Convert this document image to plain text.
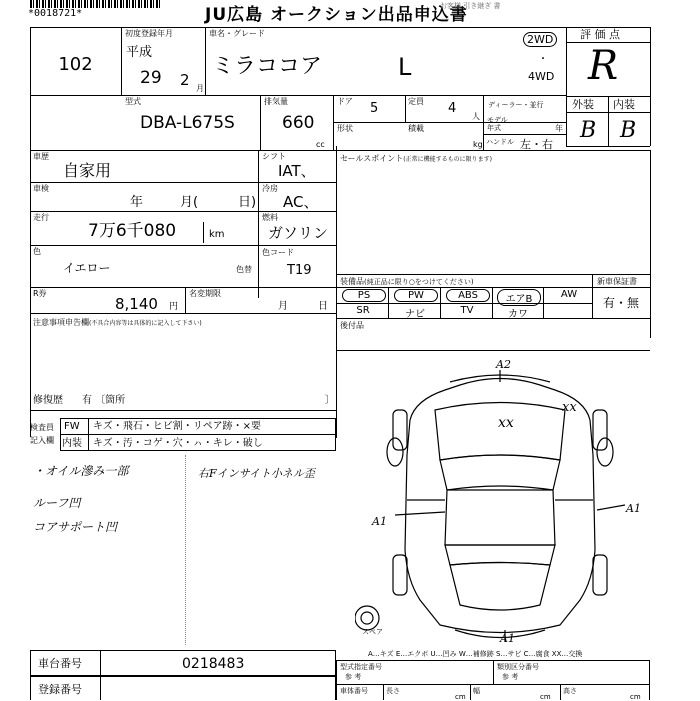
*0018721*	JU広島 オークション出品申込書
お客様 引き継ぎ 書
102
初度登録年月
平成
29 2 月
車名・グレード
ミラココア	L
2WD
・
4WD
評 価 点
R
型式
DBA-L675S
排気量
660
cc
ドア 5	定員 4
人
ディーラー・並行
形状	積載
kg
モデル年式	年
ハンドル 左・右
外装 内装
B B
車歴
自家用
シフト
IAT、
車検
年	月(	日)
冷房
AC、
走行
7万6千080	km
燃料
ガソリン
色
イエロー	色替
色コード
T19
R券
8,140 円
名変期限
月	日
セールスポイント(正常に機能するものに限ります)
装備品(純正品に限り○をつけてください)	新車保証書
有・無
PS	PW	ABS	エアB	AW
SR	ナビ	TV	カワ
後付品
注意事項申告欄(不具合内容等は具体的に記入して下さい)
修復歴 有 〔箇所	〕
検査員
記入欄
FW キズ・飛石・ヒビ割・リペア跡・×要
内装 キズ・汚・コゲ・穴・ㇵ・キレ・破し
・オイル滲み一部
ルーフ凹
コアサポート凹
右Fインサイト小ネル歪
A2
xx
xx
A1
A1
A1
スペア
A…キズ E…エクボ U…凹み W…補修跡 S…サビ C…腐食 XX…交換
車台番号	0218483
登録番号
型式指定番号
参 考
類別区分番号
参 考
車体番号	長さ
cm
幅
cm
高さ
cm
